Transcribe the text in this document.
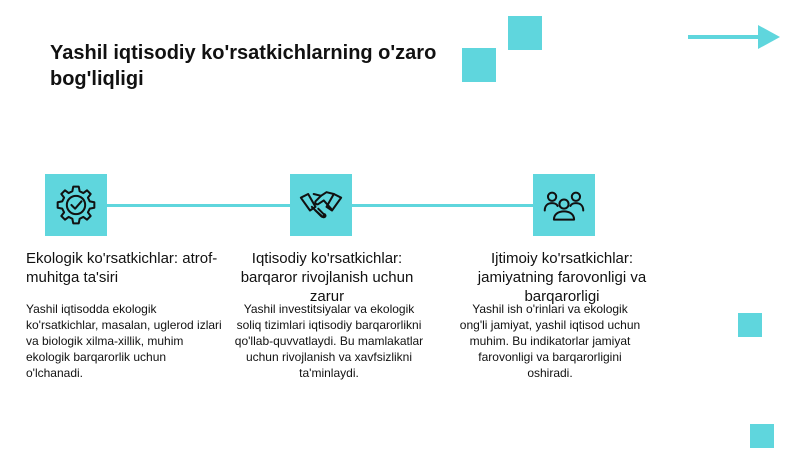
Yashil iqtisodiy ko'rsatkichlarning o'zaro bog'liqligi
Ekologik ko'rsatkichlar: atrof-muhitga ta'siri
Yashil iqtisodda ekologik ko'rsatkichlar, masalan, uglerod izlari va biologik xilma-xillik, muhim ekologik barqarorlik uchun o'lchanadi.
Iqtisodiy ko'rsatkichlar: barqaror rivojlanish uchun zarur
Yashil investitsiyalar va ekologik soliq tizimlari iqtisodiy barqarorlikni qo'llab-quvvatlaydi. Bu mamlakatlar uchun rivojlanish va xavfsizlikni ta'minlaydi.
Ijtimoiy ko'rsatkichlar: jamiyatning farovonligi va barqarorligi
Yashil ish o'rinlari va ekologik ong'li jamiyat, yashil iqtisod uchun muhim. Bu indikatorlar jamiyat farovonligi va barqarorligini oshiradi.
